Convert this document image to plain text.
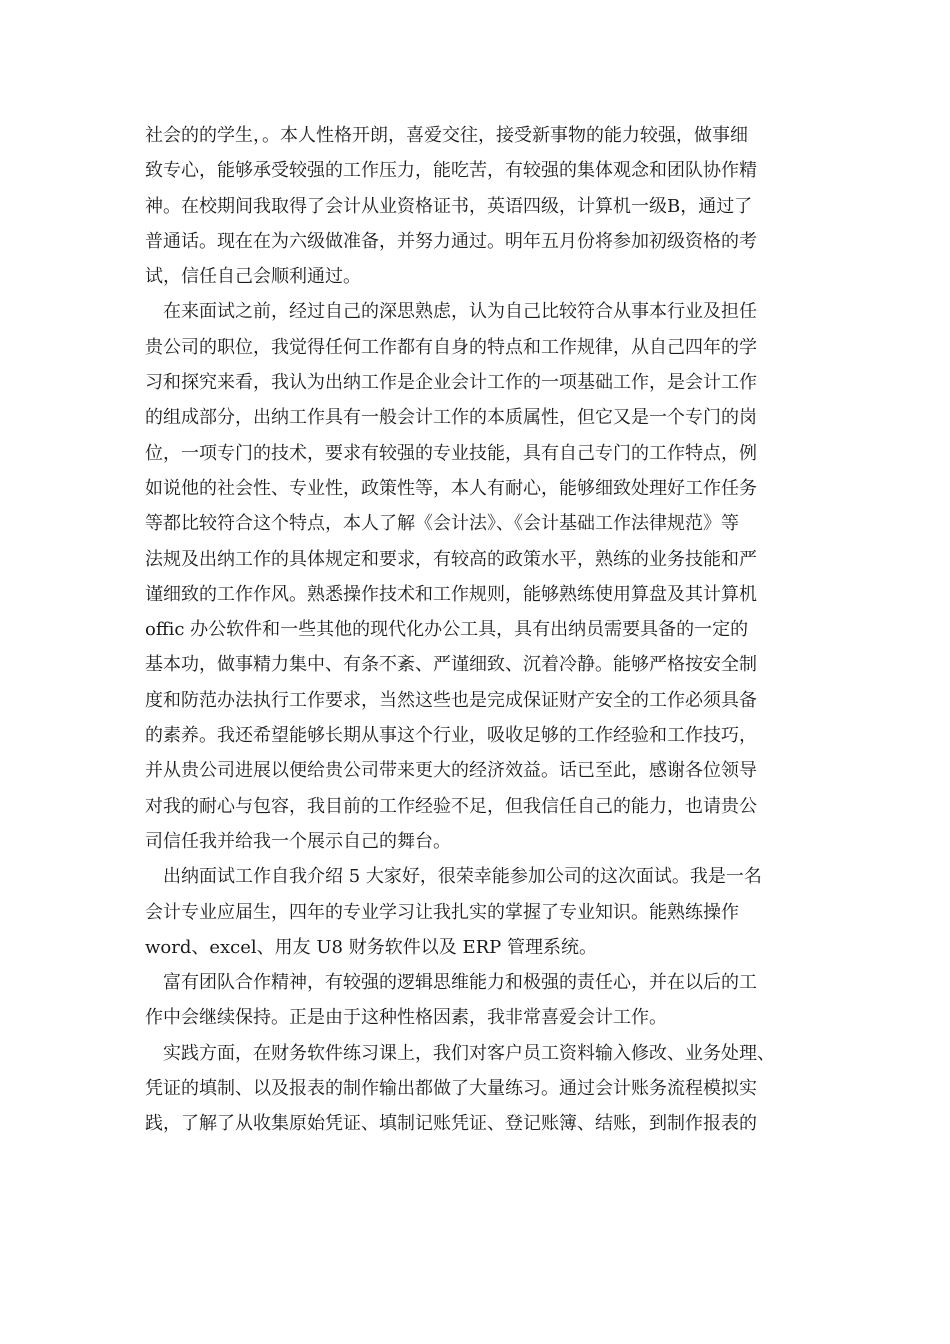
社会的的学生，。本人性格开朗，喜爱交往，接受新事物的能力较强，做事细
致专心，能够承受较强的工作压力，能吃苦，有较强的集体观念和团队协作精
神。在校期间我取得了会计从业资格证书，英语四级，计算机一级B，通过了
普通话。现在在为六级做准备，并努力通过。明年五月份将参加初级资格的考
试，信任自己会顺利通过。
在来面试之前，经过自己的深思熟虑，认为自己比较符合从事本行业及担任
贵公司的职位，我觉得任何工作都有自身的特点和工作规律，从自己四年的学
习和探究来看，我认为出纳工作是企业会计工作的一项基础工作，是会计工作
的组成部分，出纳工作具有一般会计工作的本质属性，但它又是一个专门的岗
位，一项专门的技术，要求有较强的专业技能，具有自己专门的工作特点，例
如说他的社会性、专业性，政策性等，本人有耐心，能够细致处理好工作任务
等都比较符合这个特点，本人了解《会计法》、《会计基础工作法律规范》等
法规及出纳工作的具体规定和要求，有较高的政策水平，熟练的业务技能和严
谨细致的工作作风。熟悉操作技术和工作规则，能够熟练使用算盘及其计算机
offic 办公软件和一些其他的现代化办公工具，具有出纳员需要具备的一定的
基本功，做事精力集中、有条不紊、严谨细致、沉着冷静。能够严格按安全制
度和防范办法执行工作要求，当然这些也是完成保证财产安全的工作必须具备
的素养。我还希望能够长期从事这个行业，吸收足够的工作经验和工作技巧，
并从贵公司进展以便给贵公司带来更大的经济效益。话已至此，感谢各位领导
对我的耐心与包容，我目前的工作经验不足，但我信任自己的能力，也请贵公
司信任我并给我一个展示自己的舞台。
出纳面试工作自我介绍 5 大家好，很荣幸能参加公司的这次面试。我是一名
会计专业应届生，四年的专业学习让我扎实的掌握了专业知识。能熟练操作
word、excel、用友 U8 财务软件以及 ERP 管理系统。
富有团队合作精神，有较强的逻辑思维能力和极强的责任心，并在以后的工
作中会继续保持。正是由于这种性格因素，我非常喜爱会计工作。
实践方面，在财务软件练习课上，我们对客户员工资料输入修改、业务处理、
凭证的填制、以及报表的制作输出都做了大量练习。通过会计账务流程模拟实
践，了解了从收集原始凭证、填制记账凭证、登记账簿、结账，到制作报表的
